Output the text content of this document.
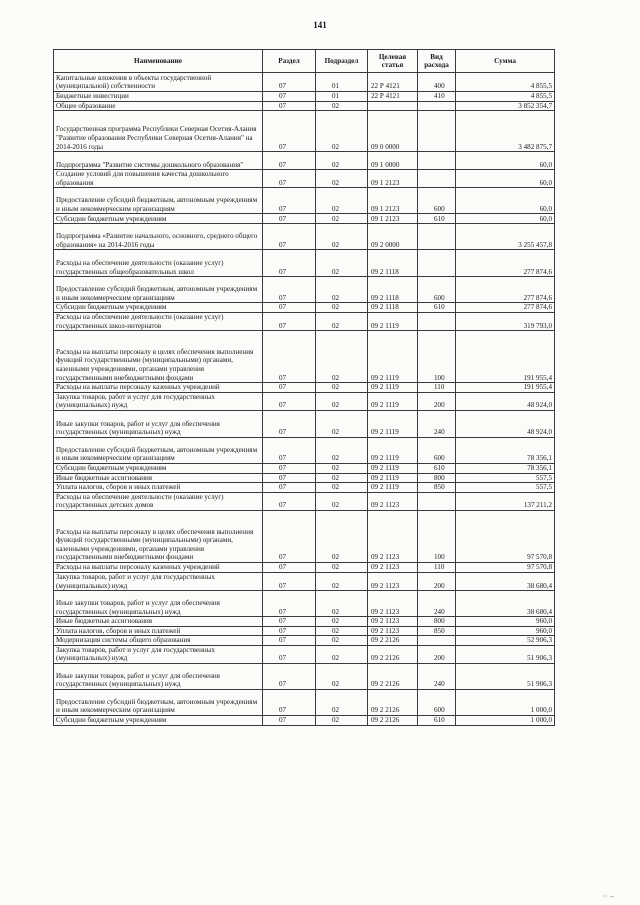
141
Наименование	Раздел	Подраздел	Целевая статья	Вид расхода	Сумма
Капитальные вложения в объекты государственной (муниципальной) собственности	07	01	22 Р 4121	400	4 855,5
Бюджетные инвестиции	07	01	22 Р 4121	410	4 855,5
Общее образование	07	02			3 852 354,7
Государственная программа Республики Северная Осетия-Алания "Развитие образования Республики Северная Осетия-Алания" на 2014-2016 годы	07	02	09 0 0000		3 482 875,7
Подпрограмма "Развитие системы дошкольного образования"	07	02	09 1 0000		60,0
Создание условий для повышения качества дошкольного образования	07	02	09 1 2123		60,0
Предоставление субсидий бюджетным, автономным учреждениям и иным некоммерческим организациям	07	02	09 1 2123	600	60,0
Субсидии бюджетным учреждениям	07	02	09 1 2123	610	60,0
Подпрограмма «Развитие начального, основного, среднего общего образования» на 2014-2016 годы	07	02	09 2 0000		3 255 457,8
Расходы на обеспечение деятельности (оказание услуг) государственных общеобразовательных школ	07	02	09 2 1118		277 874,6
Предоставление субсидий бюджетным, автономным учреждениям и иным некоммерческим организациям	07	02	09 2 1118	600	277 874,6
Субсидии бюджетным учреждениям	07	02	09 2 1118	610	277 874,6
Расходы на обеспечение деятельности (оказание услуг) государственных школ-интернатов	07	02	09 2 1119		319 793,0
Расходы на выплаты персоналу в целях обеспечения выполнения функций государственными (муниципальными) органами, казенными учреждениями, органами управления государственными внебюджетными фондами	07	02	09 2 1119	100	191 955,4
Расходы на выплаты персоналу казенных учреждений	07	02	09 2 1119	110	191 955,4
Закупка товаров, работ и услуг для государственных (муниципальных) нужд	07	02	09 2 1119	200	48 924,0
Иные закупки товаров, работ и услуг для обеспечения государственных (муниципальных) нужд	07	02	09 2 1119	240	48 924,0
Предоставление субсидий бюджетным, автономным учреждениям и иным некоммерческим организациям	07	02	09 2 1119	600	78 356,1
Субсидии бюджетным учреждениям	07	02	09 2 1119	610	78 356,1
Иные бюджетные ассигнования	07	02	09 2 1119	800	557,5
Уплата налогов, сборов и иных платежей	07	02	09 2 1119	850	557,5
Расходы на обеспечение деятельности (оказание услуг) государственных детских домов	07	02	09 2 1123		137 211,2
Расходы на выплаты персоналу в целях обеспечения выполнения функций государственными (муниципальными) органами, казенными учреждениями, органами управления государственными внебюджетными фондами	07	02	09 2 1123	100	97 570,8
Расходы на выплаты персоналу казенных учреждений	07	02	09 2 1123	110	97 570,8
Закупка товаров, работ и услуг для государственных (муниципальных) нужд	07	02	09 2 1123	200	38 680,4
Иные закупки товаров, работ и услуг для обеспечения государственных (муниципальных) нужд	07	02	09 2 1123	240	38 680,4
Иные бюджетные ассигнования	07	02	09 2 1123	800	960,0
Уплата налогов, сборов и иных платежей	07	02	09 2 1123	850	960,0
Модернизация системы общего образования	07	02	09 2 2126		52 906,3
Закупка товаров, работ и услуг для государственных (муниципальных) нужд	07	02	09 2 2126	200	51 906,3
Иные закупки товаров, работ и услуг для обеспечения государственных (муниципальных) нужд	07	02	09 2 2126	240	51 906,3
Предоставление субсидий бюджетным, автономным учреждениям и иным некоммерческим организациям	07	02	09 2 2126	600	1 000,0
Субсидии бюджетным учреждениям	07	02	09 2 2126	610	1 000,0
·· –
